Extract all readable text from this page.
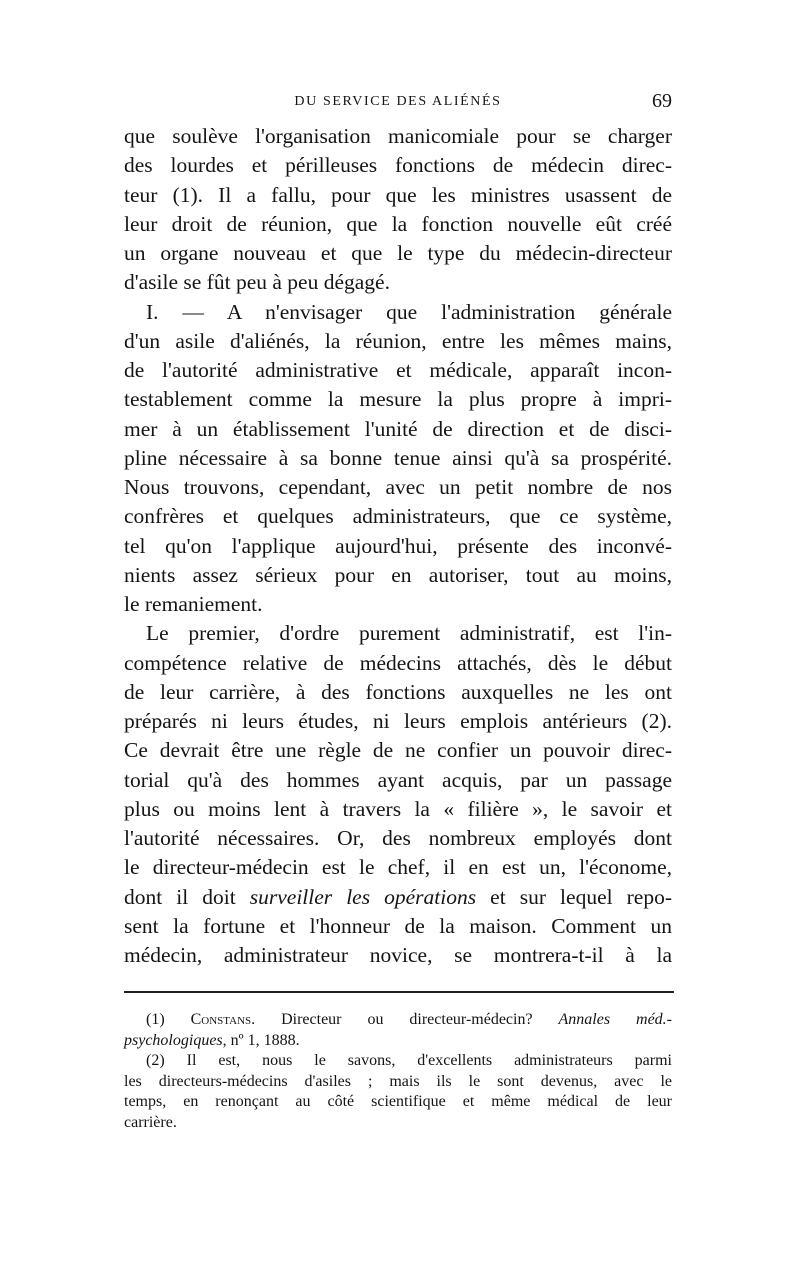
DU SERVICE DES ALIÉNÉS	69
que soulève l'organisation manicomiale pour se charger
des lourdes et périlleuses fonctions de médecin direc-
teur (1). Il a fallu, pour que les ministres usassent de
leur droit de réunion, que la fonction nouvelle eût créé
un organe nouveau et que le type du médecin-directeur
d'asile se fût peu à peu dégagé.
I. — A n'envisager que l'administration générale
d'un asile d'aliénés, la réunion, entre les mêmes mains,
de l'autorité administrative et médicale, apparaît incon-
testablement comme la mesure la plus propre à impri-
mer à un établissement l'unité de direction et de disci-
pline nécessaire à sa bonne tenue ainsi qu'à sa prospérité.
Nous trouvons, cependant, avec un petit nombre de nos
confrères et quelques administrateurs, que ce système,
tel qu'on l'applique aujourd'hui, présente des inconvé-
nients assez sérieux pour en autoriser, tout au moins,
le remaniement.
Le premier, d'ordre purement administratif, est l'in-
compétence relative de médecins attachés, dès le début
de leur carrière, à des fonctions auxquelles ne les ont
préparés ni leurs études, ni leurs emplois antérieurs (2).
Ce devrait être une règle de ne confier un pouvoir direc-
torial qu'à des hommes ayant acquis, par un passage
plus ou moins lent à travers la « filière », le savoir et
l'autorité nécessaires. Or, des nombreux employés dont
le directeur-médecin est le chef, il en est un, l'économe,
dont il doit surveiller les opérations et sur lequel repo-
sent la fortune et l'honneur de la maison. Comment un
médecin, administrateur novice, se montrera-t-il à la
(1) Constans. Directeur ou directeur-médecin? Annales méd.-
psychologiques, nº 1, 1888.
(2) Il est, nous le savons, d'excellents administrateurs parmi
les directeurs-médecins d'asiles ; mais ils le sont devenus, avec le
temps, en renonçant au côté scientifique et même médical de leur
carrière.
